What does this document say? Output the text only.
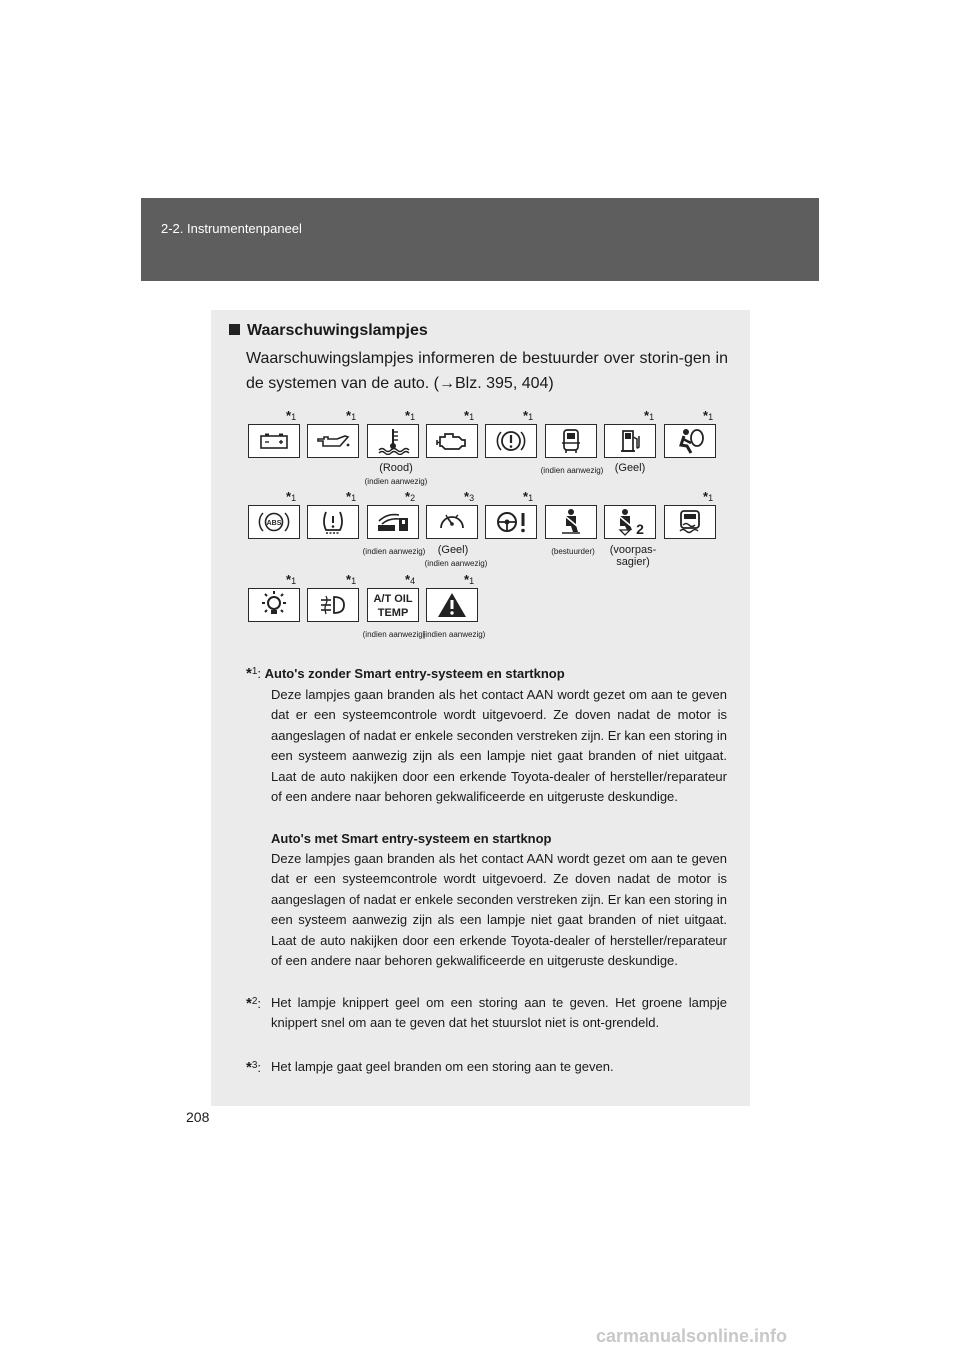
2-2. Instrumentenpaneel
Waarschuwingslampjes
Waarschuwingslampjes informeren de bestuurder over storin-gen in de systemen van de auto. (→Blz. 395, 404)
*1	*1	*1	*1	*1	*1	*1
(Rood)
(indien aanwezig)
(indien aanwezig)	(Geel)
*1	*1	*2	*3	*1	*1
ABS	2
(indien aanwezig)	(Geel)
(indien aanwezig)
(bestuurder)	(voorpas-
sagier)
*1	*1	*4	*1
A/T OIL
TEMP
(indien aanwezig)
(indien aanwezig)
*$^1$: Auto's zonder Smart entry-systeem en startknop
Deze lampjes gaan branden als het contact AAN wordt gezet om aan te geven dat er een systeemcontrole wordt uitgevoerd. Ze doven nadat de motor is aangeslagen of nadat er enkele seconden verstreken zijn. Er kan een storing in een systeem aanwezig zijn als een lampje niet gaat branden of niet uitgaat. Laat de auto nakijken door een erkende Toyota-dealer of hersteller/reparateur of een andere naar behoren gekwalificeerde en uitgeruste deskundige.
Auto's met Smart entry-systeem en startknop
Deze lampjes gaan branden als het contact AAN wordt gezet om aan te geven dat er een systeemcontrole wordt uitgevoerd. Ze doven nadat de motor is aangeslagen of nadat er enkele seconden verstreken zijn. Er kan een storing in een systeem aanwezig zijn als een lampje niet gaat branden of niet uitgaat. Laat de auto nakijken door een erkende Toyota-dealer of hersteller/reparateur of een andere naar behoren gekwalificeerde en uitgeruste deskundige.
*$^2$: Het lampje knippert geel om een storing aan te geven. Het groene lampje knippert snel om aan te geven dat het stuurslot niet is ont-grendeld.
*$^3$: Het lampje gaat geel branden om een storing aan te geven.
208
carmanualsonline.info
